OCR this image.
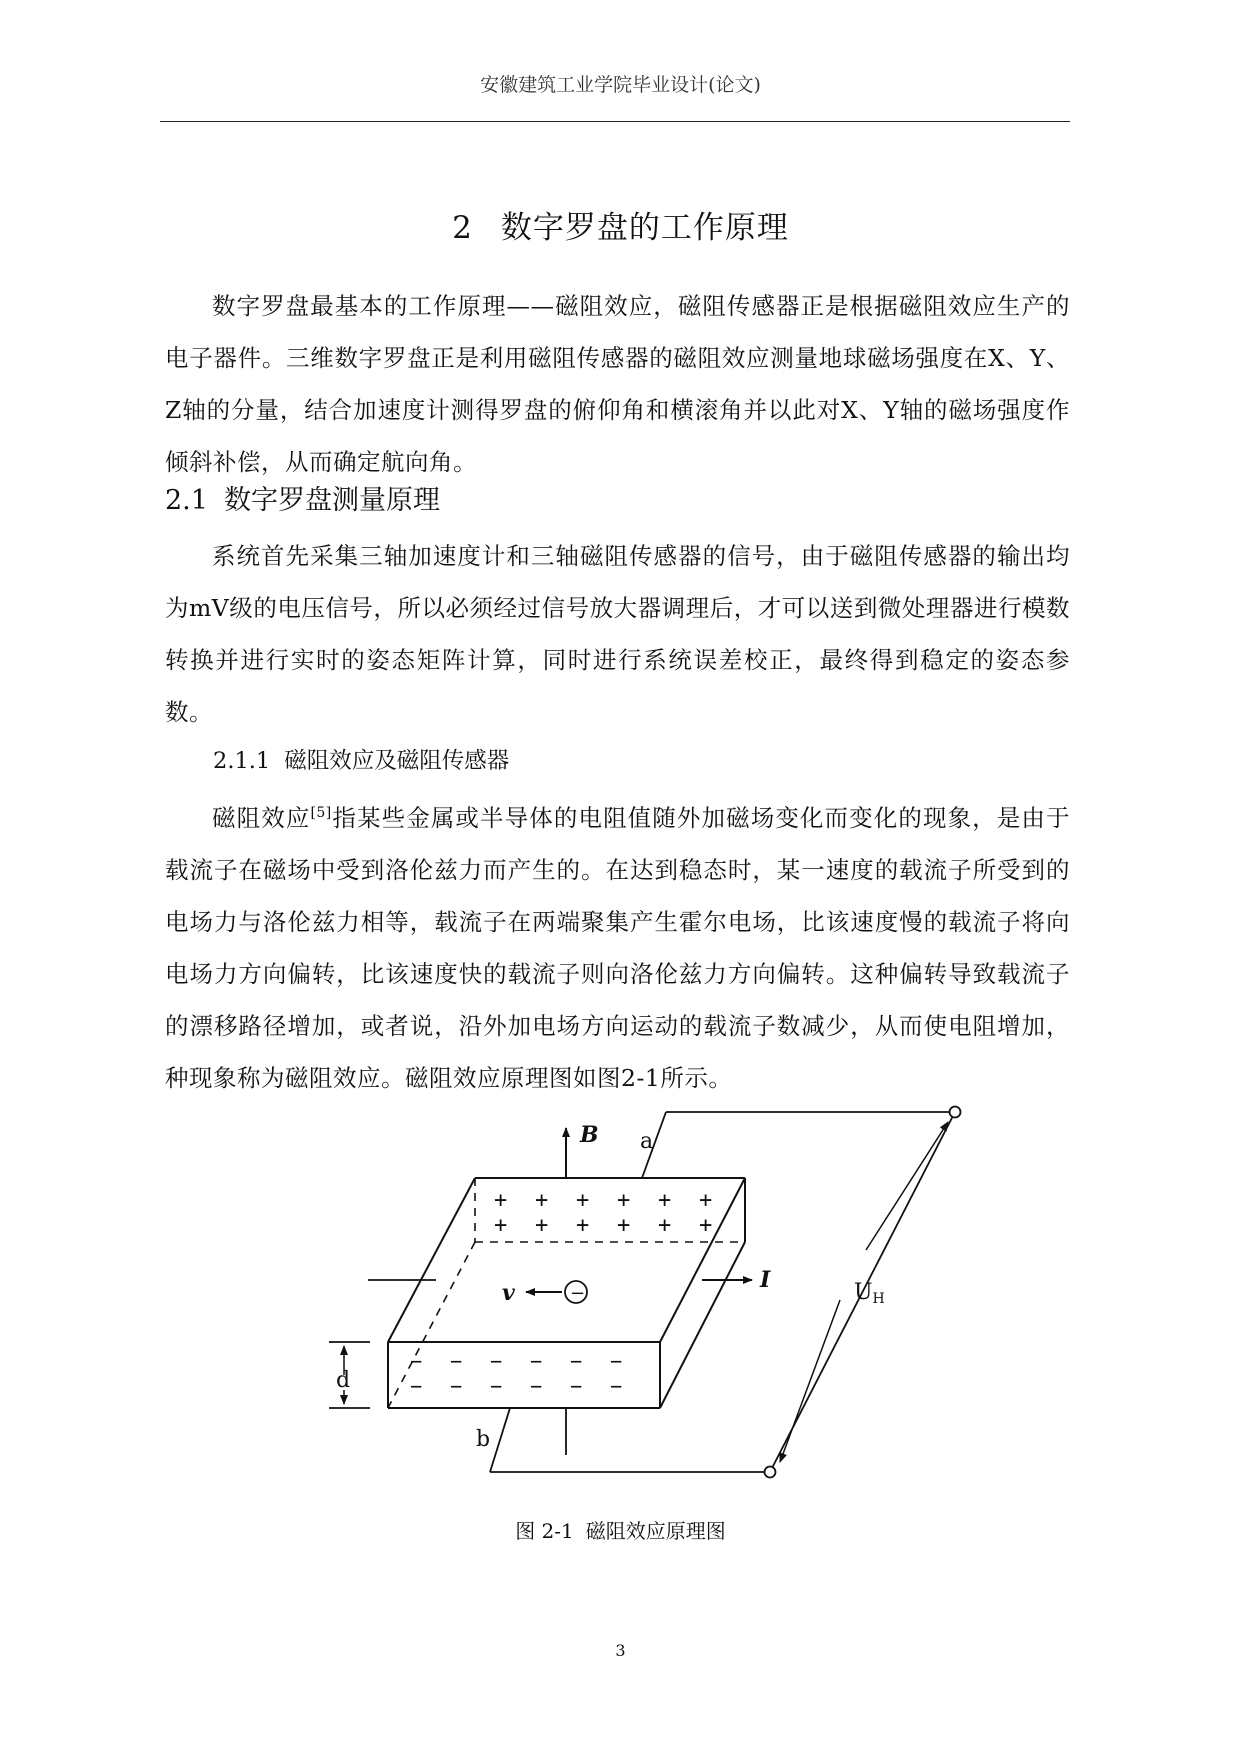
安徽建筑工业学院毕业设计(论文)
2 数字罗盘的工作原理

数字罗盘最基本的工作原理——磁阻效应，磁阻传感器正是根据磁阻效应生产的电子器件。三维数字罗盘正是利用磁阻传感器的磁阻效应测量地球磁场强度在X、Y、Z轴的分量，结合加速度计测得罗盘的俯仰角和横滚角并以此对X、Y轴的磁场强度作倾斜补偿，从而确定航向角。

2.1 数字罗盘测量原理

系统首先采集三轴加速度计和三轴磁阻传感器的信号，由于磁阻传感器的输出均为mV级的电压信号，所以必须经过信号放大器调理后，才可以送到微处理器进行模数转换并进行实时的姿态矩阵计算，同时进行系统误差校正，最终得到稳定的姿态参数。

2.1.1 磁阻效应及磁阻传感器

磁阻效应[5]指某些金属或半导体的电阻值随外加磁场变化而变化的现象，是由于载流子在磁场中受到洛伦兹力而产生的。在达到稳态时，某一速度的载流子所受到的电场力与洛伦兹力相等，载流子在两端聚集产生霍尔电场，比该速度慢的载流子将向电场力方向偏转，比该速度快的载流子则向洛伦兹力方向偏转。这种偏转导致载流子的漂移路径增加，或者说，沿外加电场方向运动的载流子数减少，从而使电阻增加，种现象称为磁阻效应。磁阻效应原理图如图2-1所示。

B a
b
v	I
d
−	UH
+ + + + + +
+ + + + + +
− − − − − −
− − − − − −
图 2-1 磁阻效应原理图
3
